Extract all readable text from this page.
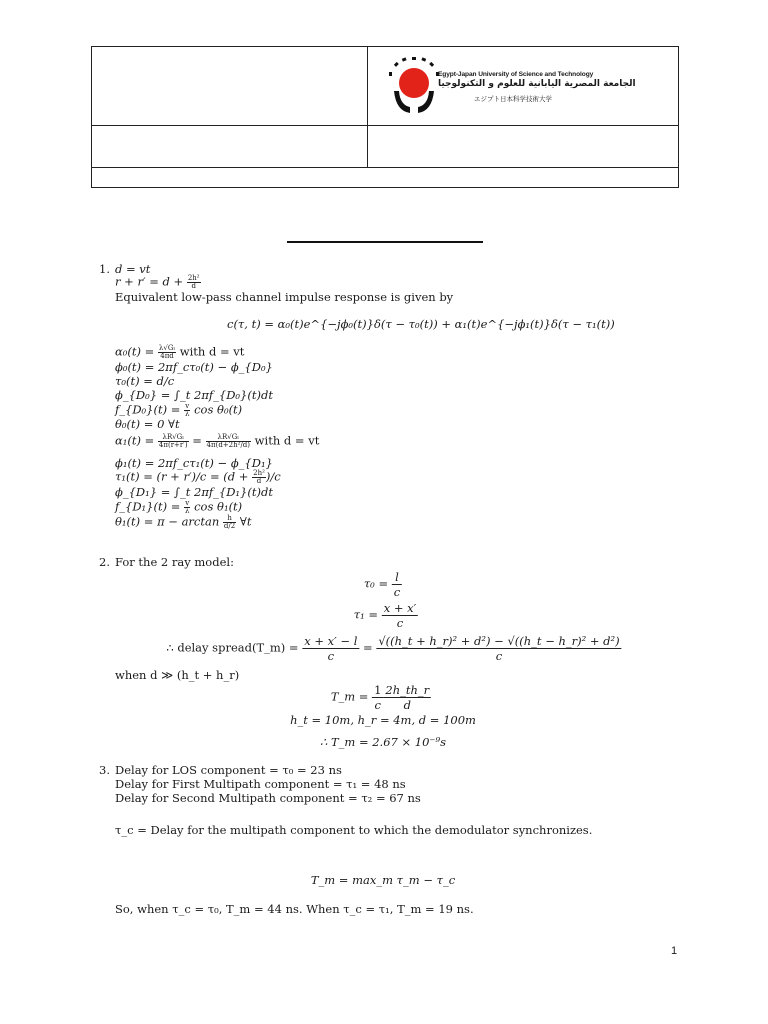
Egypt-Japan University of Science and Technology
الجامعة المصرية اليابانية للعلوم و التكنولوجيا
エジプト日本科学技術大学
1. d = vt
$r + r' = d + \frac{\text{2h²}}{d}$
Equivalent low-pass channel impulse response is given by
c(τ, t) = α₀(t)e^{−jϕ₀(t)}δ(τ − τ₀(t)) + α₁(t)e^{−jϕ₁(t)}δ(τ − τ₁(t))
$\alpha_0(t) = \frac{\text{λ√Gₗ}}{4\pi d}$ with d = vt
ϕ₀(t) = 2πf_cτ₀(t) − ϕ_{D₀}
τ₀(t) = d/c
ϕ_{D₀} = ∫_t 2πf_{D₀}(t)dt
f_{D₀}(t) = $\frac{v}{\lambda}$ cos θ₀(t)
θ₀(t) = 0 ∀t
$\alpha_1(t) = \frac{\text{λR√Gₗ}}{4\pi(r+r')} = \frac{\text{λR√Gₗ}}{\text{4π(d+2h²/d)}}$ with d = vt
ϕ₁(t) = 2πf_cτ₁(t) − ϕ_{D₁}
$\tau_1(t) = (r + r')/c = (d + \frac{\text{2h²}}{d} )/c$
ϕ_{D₁} = ∫_t 2πf_{D₁}(t)dt
f_{D₁}(t) = $\frac{v}{\lambda}$ cos θ₁(t)
$\theta_1(t) = \pi - \arctan \frac{h}{d/2}$ ∀t
2. For the 2 ray model:
$\tau_0 = \frac{l}{c}$
$\tau_1 = \frac{x + x'}{c}$
∴ delay spread(T_m) = $\frac{x + x' - l}{c} = \frac{\text{√((h\_t + h\_r)² + d²) − √((h\_t − h\_r)² + d²)}}{c}$
when d ≫ (h_t + h_r)
T_m = $\frac{1}{c} \frac{2h\_th\_r}{d}$
h_t = 10m, h_r = 4m, d = 100m
∴ T_m = 2.67 × 10⁻⁹s
3. Delay for LOS component = τ₀ = 23 ns
Delay for First Multipath component = τ₁ = 48 ns
Delay for Second Multipath component = τ₂ = 67 ns
τ_c = Delay for the multipath component to which the demodulator synchronizes.
T_m = max_m τ_m − τ_c
So, when τ_c = τ₀, T_m = 44 ns. When τ_c = τ₁, T_m = 19 ns.
1
